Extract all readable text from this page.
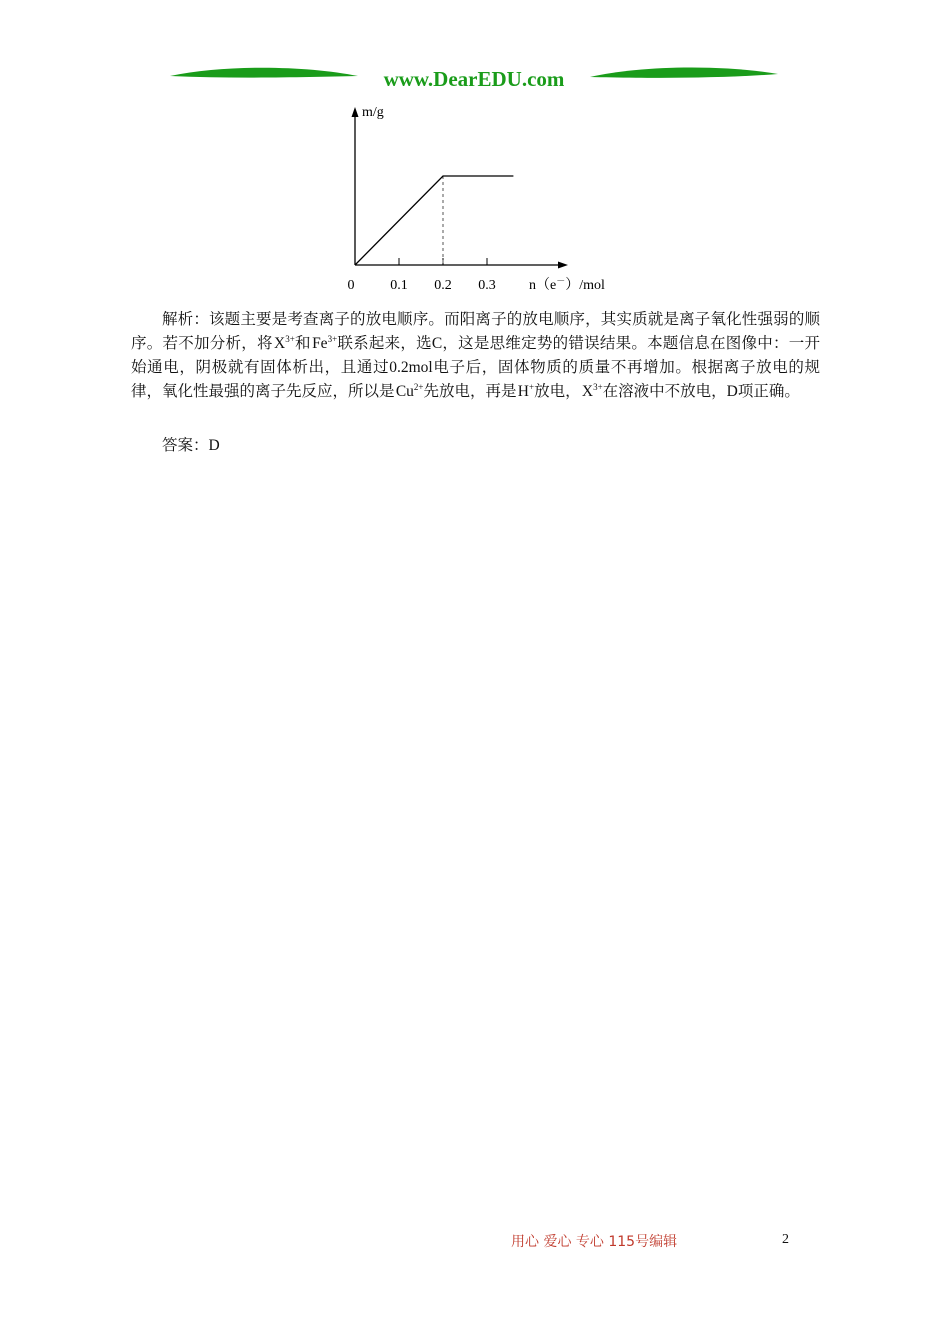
www.DearEDU.com
m/g
0	0.1 0.2 0.3 n（e－）/mol

解析：该题主要是考查离子的放电顺序。而阳离子的放电顺序，其实质就是离子氧化性强弱的顺序。若不加分析，将 $X^{3+}$和 $Fe^{3+}$联系起来，选C，这是思维定势的错误结果。本题信息在图像中：一开始通电，阴极就有固体析出，且通过0.2mol电子后，固体物质的质量不再增加。根据离子放电的规律，氧化性最强的离子先反应，所以是 $Cu^{2+}$先放电，再是 H+放电， $X^{3+}$在溶液中不放电，D项正确。

答案：D

用心 爱心 专心 115号编辑	2
